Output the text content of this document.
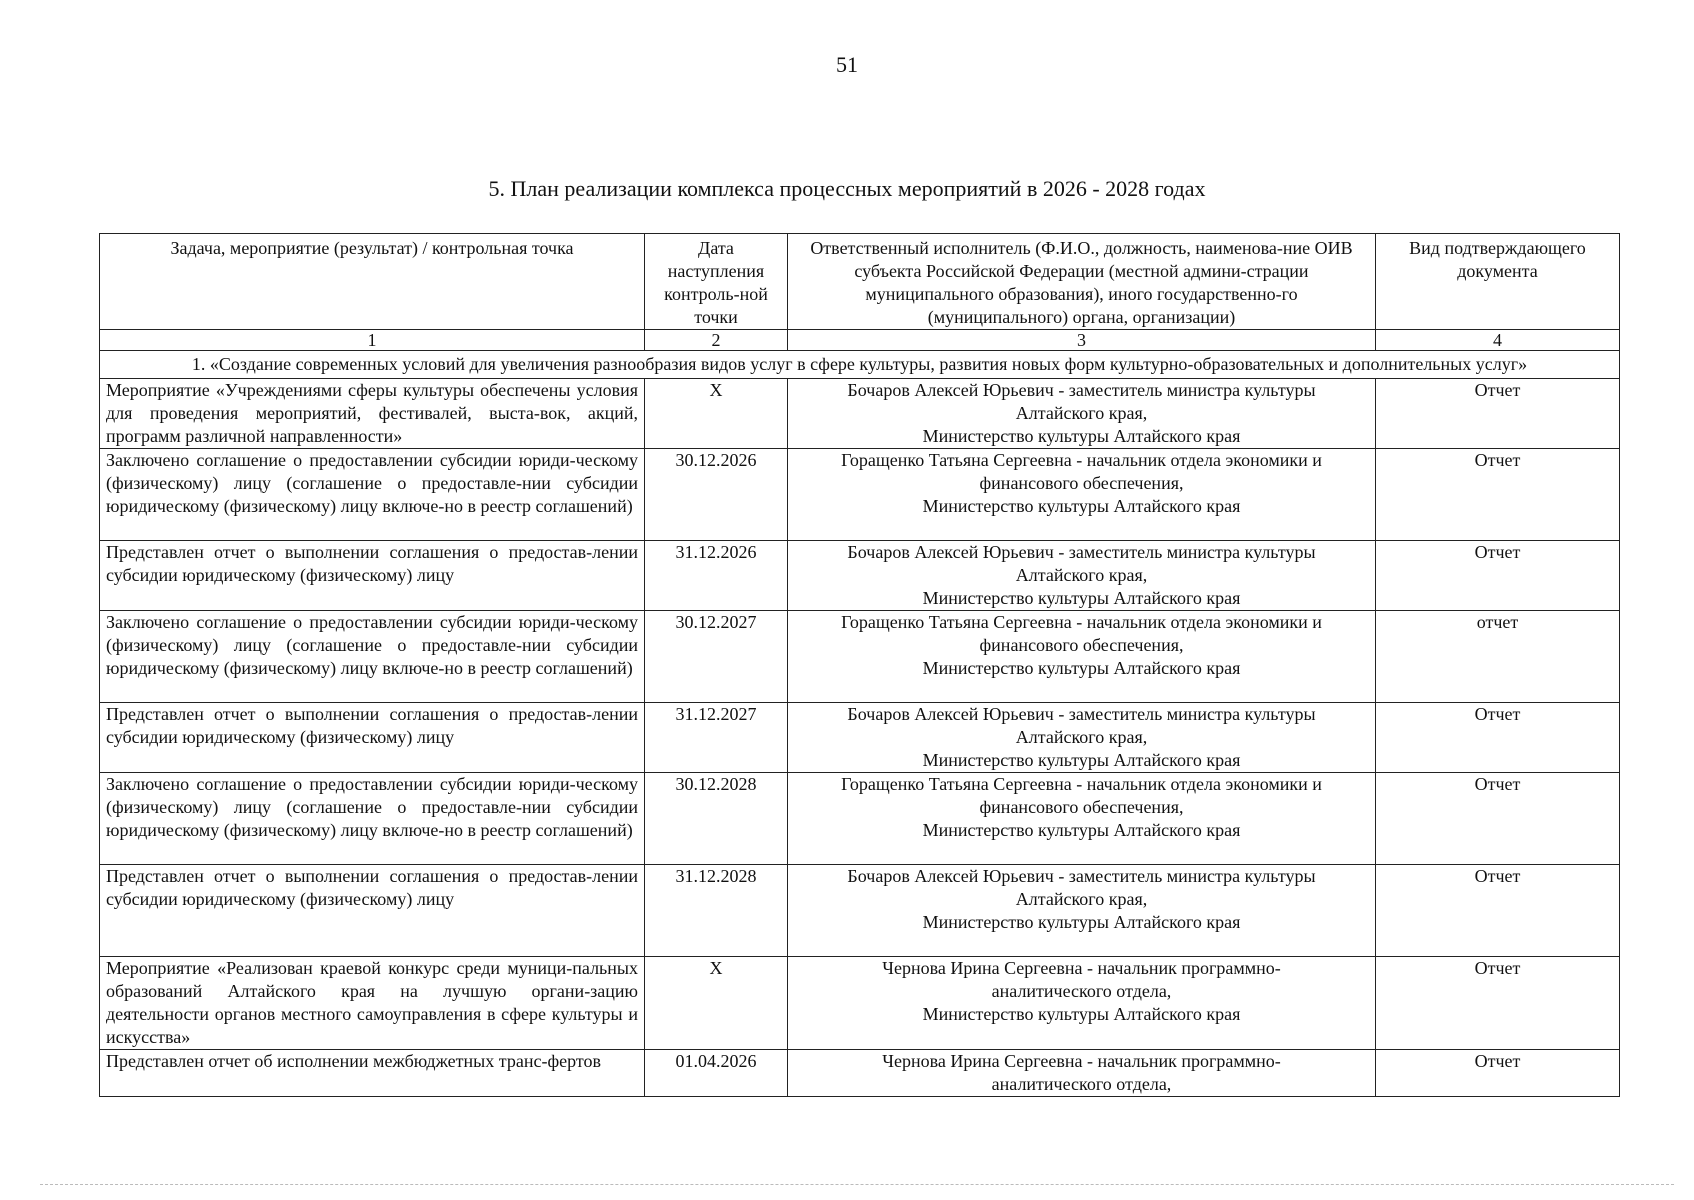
51
5. План реализации комплекса процессных мероприятий в 2026 - 2028 годах
Задача, мероприятие (результат) / контрольная точка	Дата наступления контроль-ной точки	Ответственный исполнитель (Ф.И.О., должность, наименова-ние ОИВ субъекта Российской Федерации (местной админи-страции муниципального образования), иного государственно-го (муниципального) органа, организации)	Вид подтверждающего документа
1	2	3	4
1. «Создание современных условий для увеличения разнообразия видов услуг в сфере культуры, развития новых форм культурно-образовательных и дополнительных услуг»			
Мероприятие «Учреждениями сферы культуры обеспечены условия для проведения мероприятий, фестивалей, выста-вок, акций, программ различной направленности»	X	Бочаров Алексей Юрьевич - заместитель министра культуры
Алтайского края,
Министерство культуры Алтайского края	Отчет
Заключено соглашение о предоставлении субсидии юриди-ческому (физическому) лицу (соглашение о предоставле-нии субсидии юридическому (физическому) лицу включе-но в реестр соглашений)	30.12.2026	Горащенко Татьяна Сергеевна - начальник отдела экономики и
финансового обеспечения,
Министерство культуры Алтайского края	Отчет
Представлен отчет о выполнении соглашения о предостав-лении субсидии юридическому (физическому) лицу	31.12.2026	Бочаров Алексей Юрьевич - заместитель министра культуры
Алтайского края,
Министерство культуры Алтайского края	Отчет
Заключено соглашение о предоставлении субсидии юриди-ческому (физическому) лицу (соглашение о предоставле-нии субсидии юридическому (физическому) лицу включе-но в реестр соглашений)	30.12.2027	Горащенко Татьяна Сергеевна - начальник отдела экономики и
финансового обеспечения,
Министерство культуры Алтайского края	отчет
Представлен отчет о выполнении соглашения о предостав-лении субсидии юридическому (физическому) лицу	31.12.2027	Бочаров Алексей Юрьевич - заместитель министра культуры
Алтайского края,
Министерство культуры Алтайского края	Отчет
Заключено соглашение о предоставлении субсидии юриди-ческому (физическому) лицу (соглашение о предоставле-нии субсидии юридическому (физическому) лицу включе-но в реестр соглашений)	30.12.2028	Горащенко Татьяна Сергеевна - начальник отдела экономики и
финансового обеспечения,
Министерство культуры Алтайского края	Отчет
Представлен отчет о выполнении соглашения о предостав-лении субсидии юридическому (физическому) лицу	31.12.2028	Бочаров Алексей Юрьевич - заместитель министра культуры
Алтайского края,
Министерство культуры Алтайского края	Отчет
Мероприятие «Реализован краевой конкурс среди муници-пальных образований Алтайского края на лучшую органи-зацию деятельности органов местного самоуправления в сфере культуры и искусства»	X	Чернова Ирина Сергеевна - начальник программно-
аналитического отдела,
Министерство культуры Алтайского края	Отчет
Представлен отчет об исполнении межбюджетных транс-фертов	01.04.2026	Чернова Ирина Сергеевна - начальник программно-
аналитического отдела,	Отчет
